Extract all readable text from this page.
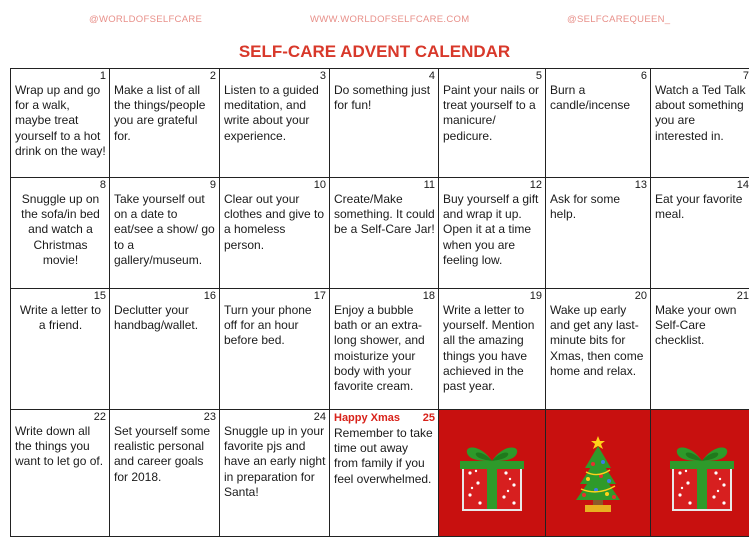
@WORLDOFSELFCARE	WWW.WORLDOFSELFCARE.COM	@SELFCAREQUEEN_
SELF-CARE ADVENT CALENDAR
1
Wrap up and go for a walk, maybe treat yourself to a hot drink on the way!
2
Make a list of all the things/people you are grateful for.
3
Listen to a guided meditation, and write about your experience.
4
Do something just for fun!
5
Paint your nails or treat yourself to a manicure/ pedicure.
6
Burn a candle/incense
7
Watch a Ted Talk about something you are interested in.
8
Snuggle up on the sofa/in bed and watch a Christmas movie!
9
Take yourself out on a date to eat/see a show/ go to a gallery/museum.
10
Clear out your clothes and give to a homeless person.
11
Create/Make something. It could be a Self-Care Jar!
12
Buy yourself a gift and wrap it up. Open it at a time when you are feeling low.
13
Ask for some help.
14
Eat your favorite meal.
15
Write a letter to a friend.
16
Declutter your handbag/wallet.
17
Turn your phone off for an hour before bed.
18
Enjoy a bubble bath or an extra-long shower, and moisturize your body with your favorite cream.
19
Write a letter to yourself. Mention all the amazing things you have achieved in the past year.
20
Wake up early and get any last-minute bits for Xmas, then come home and relax.
21
Make your own Self-Care checklist.
22
Write down all the things you want to let go of.
23
Set yourself some realistic personal and career goals for 2018.
24
Snuggle up in your favorite pjs and have an early night in preparation for Santa!
Happy Xmas 25
Remember to take time out away from family if you feel overwhelmed.
